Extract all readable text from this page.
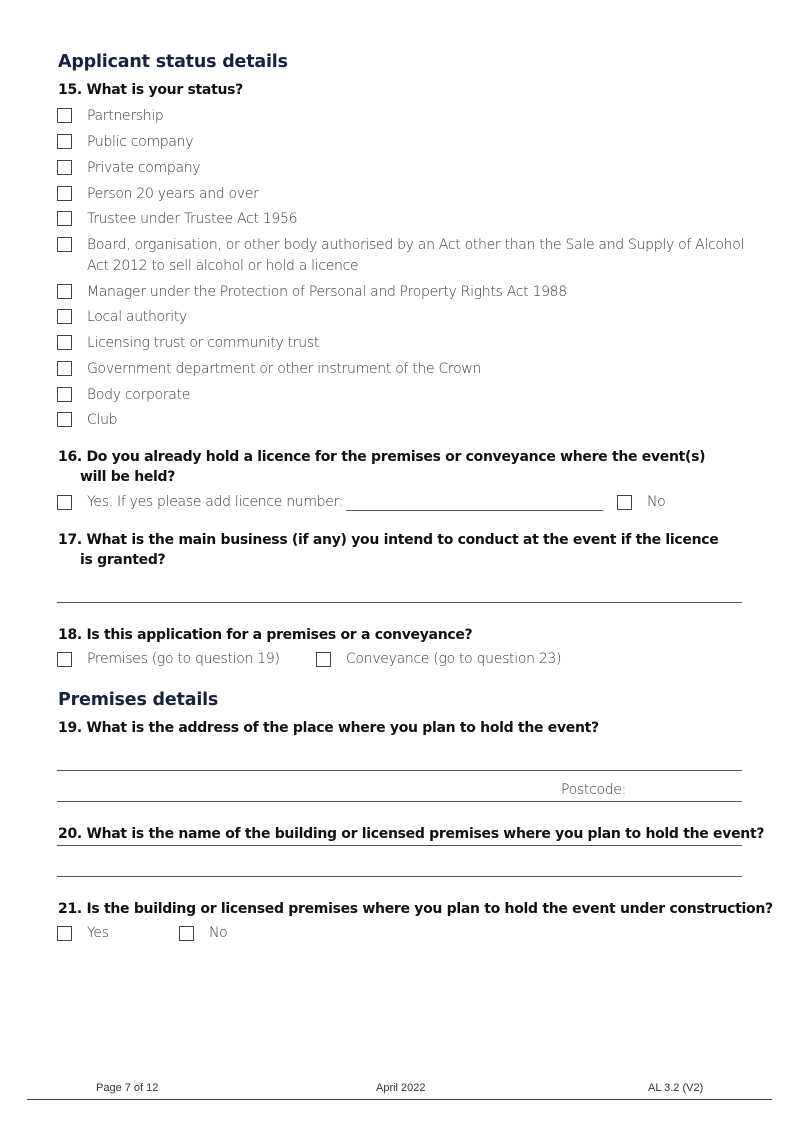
Applicant status details

15. What is your status?

Partnership
Public company
Private company
Person 20 years and over
Trustee under Trustee Act 1956
Board, organisation, or other body authorised by an Act other than the Sale and Supply of Alcohol
Act 2012 to sell alcohol or hold a licence
Manager under the Protection of Personal and Property Rights Act 1988
Local authority
Licensing trust or community trust
Government department or other instrument of the Crown
Body corporate
Club

16. Do you already hold a licence for the premises or conveyance where the event(s)
will be held?

Yes. If yes please add licence number:	No

17. What is the main business (if any) you intend to conduct at the event if the licence
is granted?

18. Is this application for a premises or a conveyance?

Premises (go to question 19)	Conveyance (go to question 23)
Premises details

19. What is the address of the place where you plan to hold the event?

Postcode:

20. What is the name of the building or licensed premises where you plan to hold the event?

21. Is the building or licensed premises where you plan to hold the event under construction?

Yes	No
Page 7 of 12	April 2022	AL 3.2 (V2)
